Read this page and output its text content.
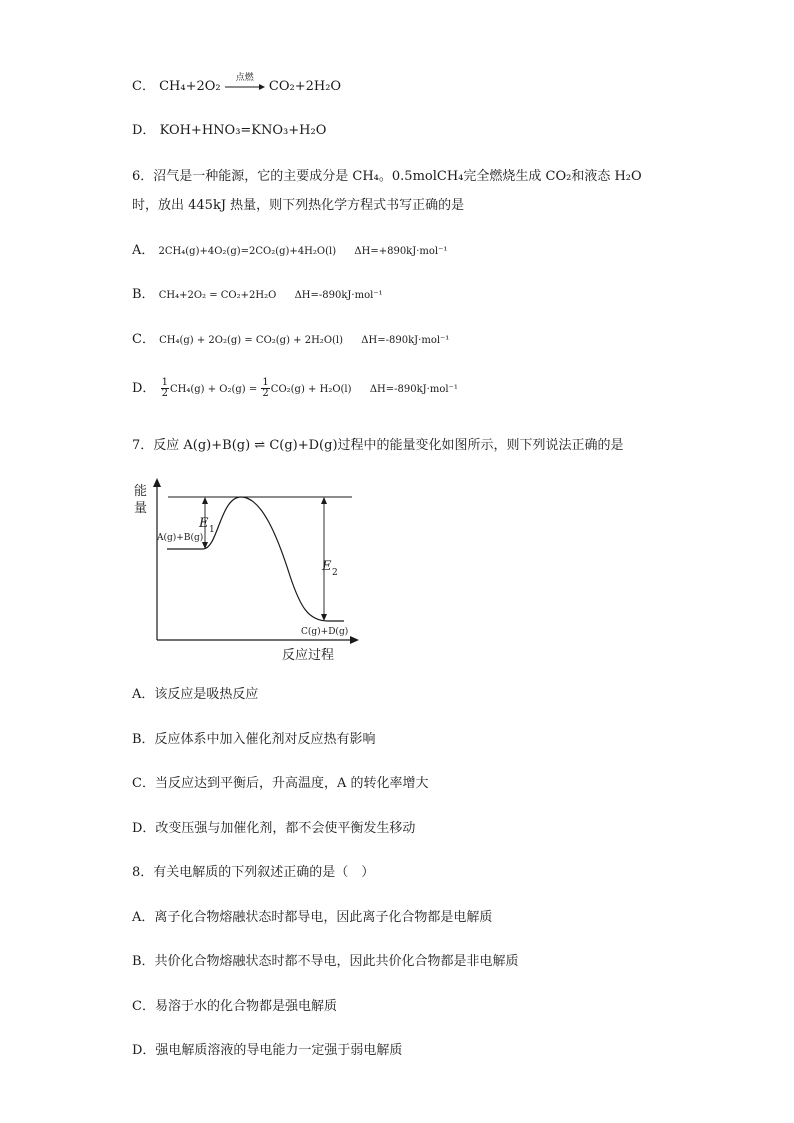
C． CH₄+2O₂
点燃
CO₂+2H₂O
D． KOH+HNO₃=KNO₃+H₂O
6．沼气是一种能源，它的主要成分是 CH₄。0.5molCH₄完全燃烧生成 CO₂和液态 H₂O
时，放出 445kJ 热量，则下列热化学方程式书写正确的是
A． 2CH₄(g)+4O₂(g)=2CO₂(g)+4H₂O(l) ΔH=+890kJ·mol⁻¹
B． CH₄+2O₂ = CO₂+2H₂O ΔH=-890kJ·mol⁻¹
C． CH₄(g) + 2O₂(g) = CO₂(g) + 2H₂O(l) ΔH=-890kJ·mol⁻¹
D． $\frac{1}{2} CH_4(g) + O_2(g) = \frac{1}{2} CO_2(g) + H_2O(l)$ ΔH=-890kJ·mol⁻¹
7．反应 A(g)+B(g) ⇌ C(g)+D(g)过程中的能量变化如图所示，则下列说法正确的是
能
量
反应过程
E 1
A(g)+B(g)
E 2
C(g)+D(g)
A．该反应是吸热反应
B．反应体系中加入催化剂对反应热有影响
C．当反应达到平衡后，升高温度，A 的转化率增大
D．改变压强与加催化剂，都不会使平衡发生移动
8．有关电解质的下列叙述正确的是（　）
A．离子化合物熔融状态时都导电，因此离子化合物都是电解质
B．共价化合物熔融状态时都不导电，因此共价化合物都是非电解质
C．易溶于水的化合物都是强电解质
D．强电解质溶液的导电能力一定强于弱电解质
